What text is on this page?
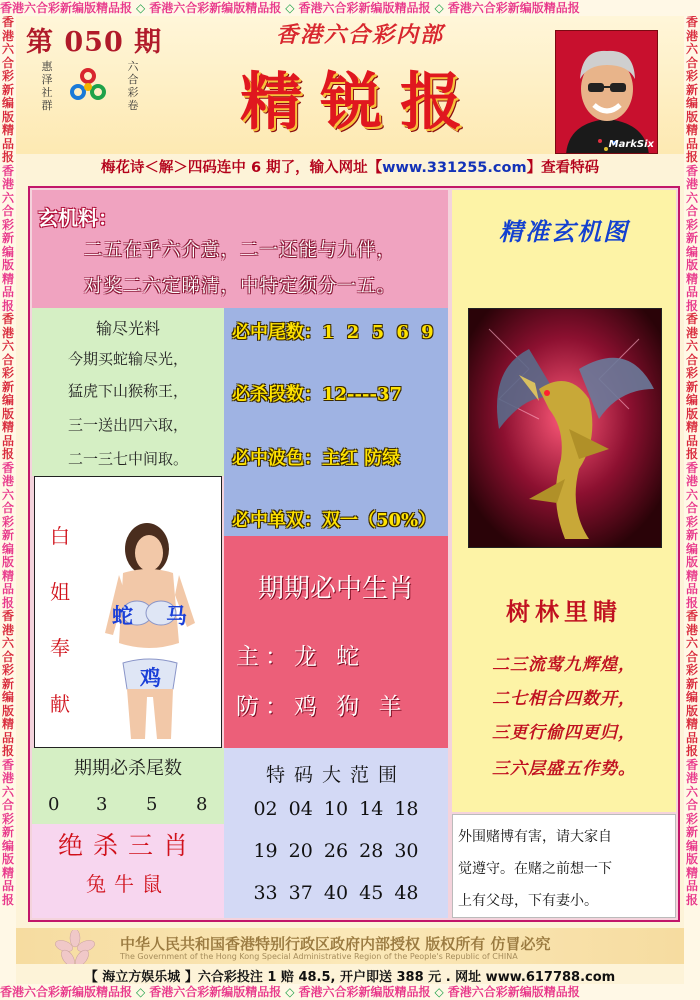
香港六合彩新编版精品报 ◇ 香港六合彩新编版精品报 ◇ 香港六合彩新编版精品报 ◇ 香港六合彩新编版精品报
香港六合彩新编版精品报 ◇ 香港六合彩新编版精品报 ◇ 香港六合彩新编版精品报 ◇ 香港六合彩新编版精品报
香港六合彩新编版精品报香港六合彩新编版精品报香港六合彩新编版精品报香港六合彩新编版精品报香港六合彩新编版精品报香港六合彩新编版精品报
香港六合彩新编版精品报香港六合彩新编版精品报香港六合彩新编版精品报香港六合彩新编版精品报香港六合彩新编版精品报香港六合彩新编版精品报
第 050 期
惠泽社群
六合彩卷
香港六合彩内部
精锐报
MarkSix
梅花诗＜解＞四码连中 6 期了，输入网址【www.331255.com】查看特码
玄机料：
二五在乎六介意，二一还能与九伴，
对奖二六定睇清，中特定须分一五。
输尽光料
今期买蛇输尽光，
猛虎下山猴称王，
三一送出四六取，
二一三七中间取。
必中尾数：1 2 5 6 9
必杀段数：12----37
必中波色：主红 防绿
必中单双：双一（50%）
白
姐
奉
献
蛇 马
鸡
期期必中生肖
主：龙 蛇
防：鸡 狗 羊
期期必杀尾数
0 3 5 8
绝杀三肖
兔牛鼠
特码大范围
02 04 10 14 18
19 20 26 28 30
33 37 40 45 48
精准玄机图
树林里睛
二三流莺九辉煌，
二七相合四数开，
三更行偷四更归，
三六层盛五作势。
外围赌博有害，请大家自
觉遵守。在赌之前想一下
上有父母，下有妻小。
中华人民共和国香港特别行政区政府内部授权 版权所有 仿冒必究
The Government of the Hong Kong Special Administrative Region of the People's Republic of CHINA
【 海立方娱乐城 】六合彩投注 1 赔 48.5, 开户即送 388 元 . 网址 www.617788.com
